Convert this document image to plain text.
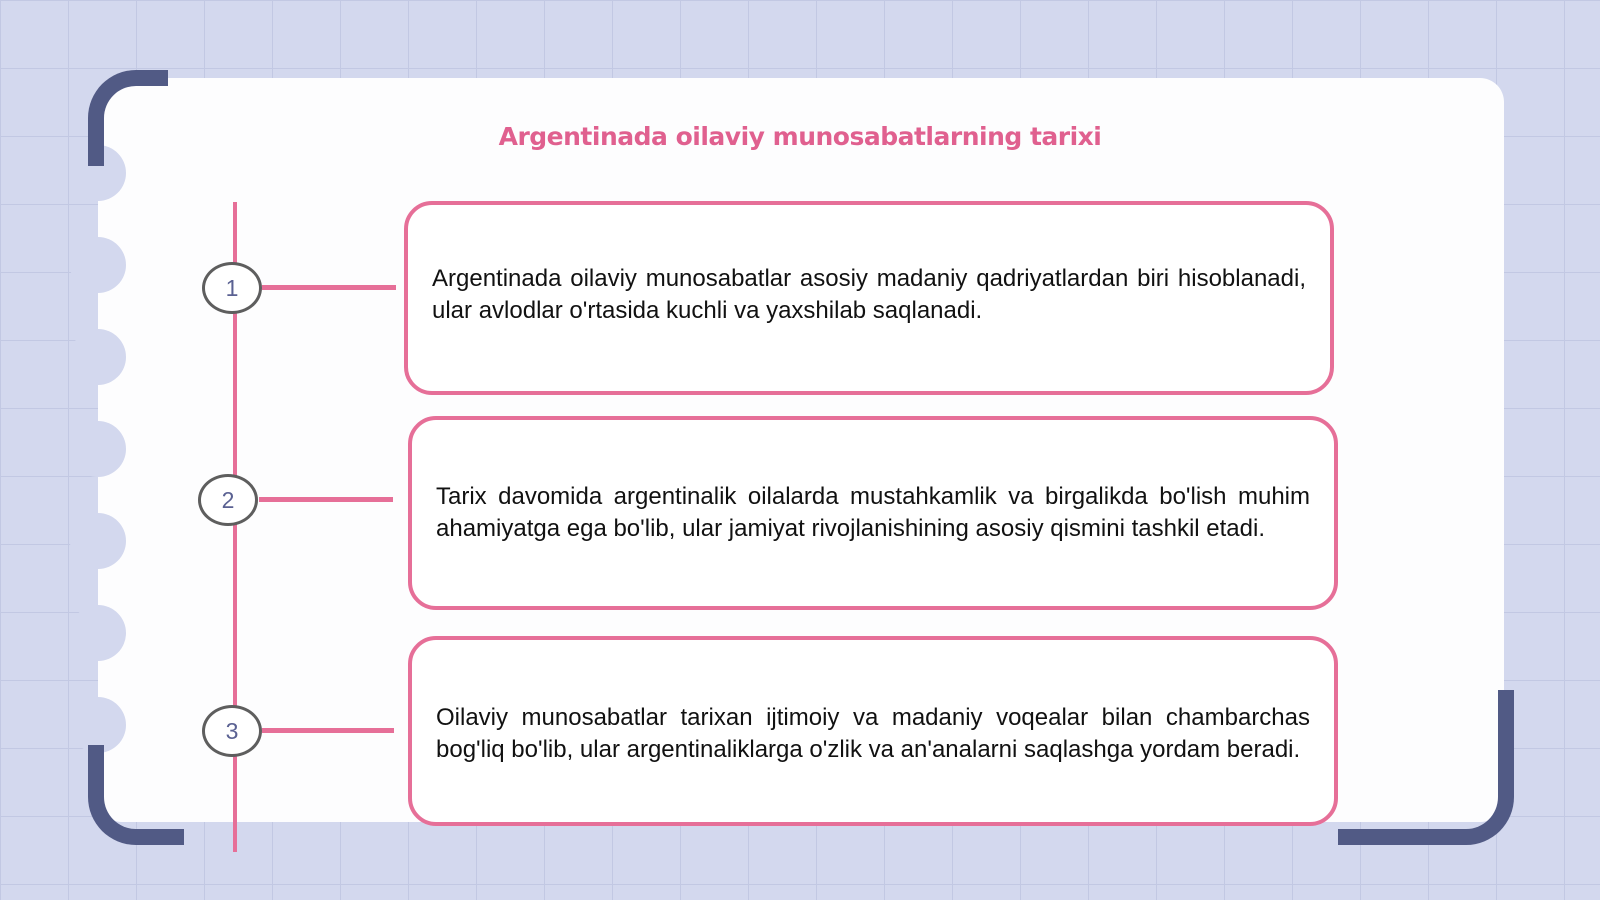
Argentinada oilaviy munosabatlarning tarixi
1
2
3
Argentinada oilaviy munosabatlar asosiy madaniy qadriyatlardan biri hisoblanadi, ular avlodlar o'rtasida kuchli va yaxshilab saqlanadi.
Tarix davomida argentinalik oilalarda mustahkamlik va birgalikda bo'lish muhim ahamiyatga ega bo'lib, ular jamiyat rivojlanishining asosiy qismini tashkil etadi.
Oilaviy munosabatlar tarixan ijtimoiy va madaniy voqealar bilan chambarchas bog'liq bo'lib, ular argentinaliklarga o'zlik va an'analarni saqlashga yordam beradi.
